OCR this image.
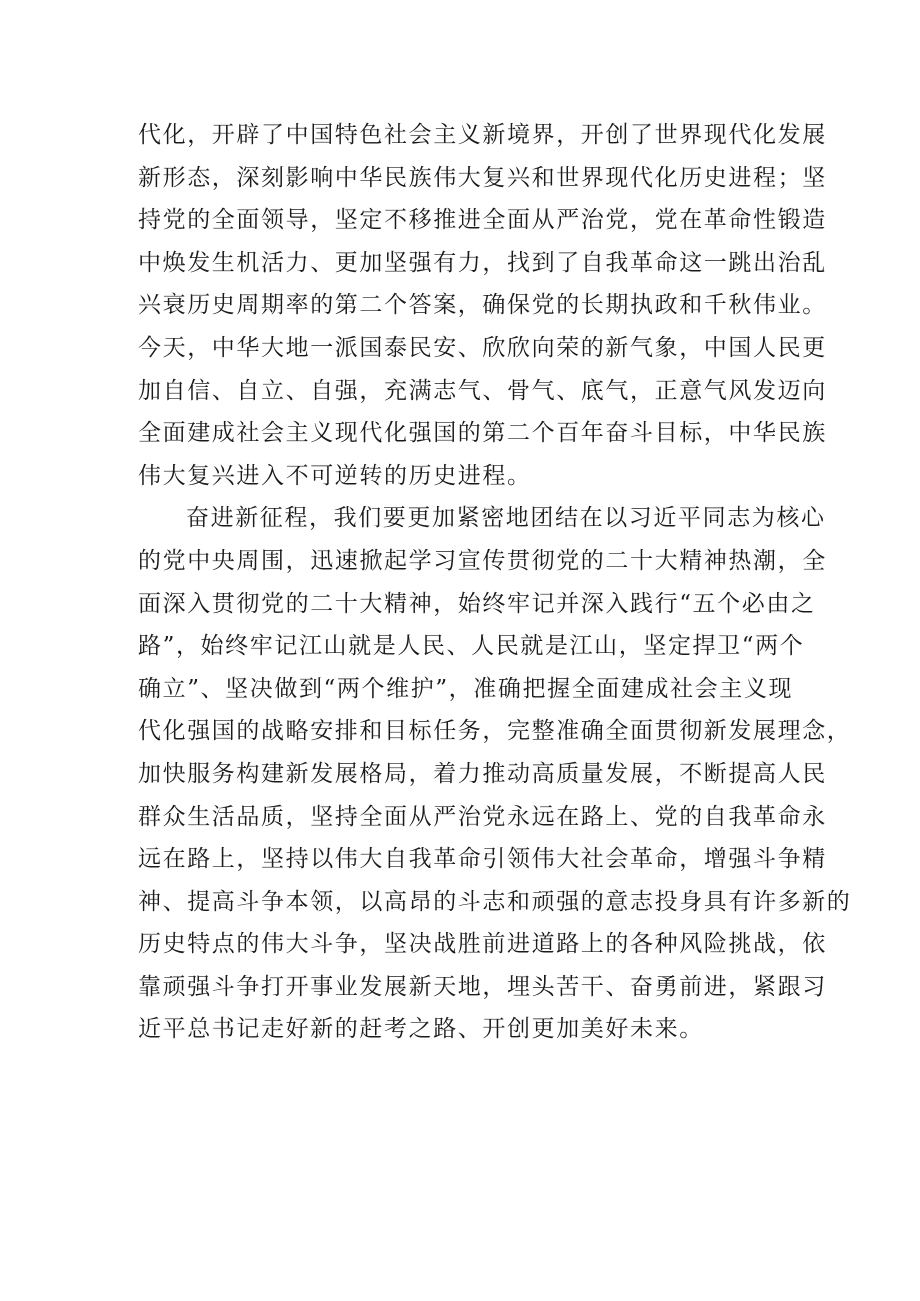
代化，开辟了中国特色社会主义新境界，开创了世界现代化发展
新形态，深刻影响中华民族伟大复兴和世界现代化历史进程；坚
持党的全面领导，坚定不移推进全面从严治党，党在革命性锻造
中焕发生机活力、更加坚强有力，找到了自我革命这一跳出治乱
兴衰历史周期率的第二个答案，确保党的长期执政和千秋伟业。
今天，中华大地一派国泰民安、欣欣向荣的新气象，中国人民更
加自信、自立、自强，充满志气、骨气、底气，正意气风发迈向
全面建成社会主义现代化强国的第二个百年奋斗目标，中华民族
伟大复兴进入不可逆转的历史进程。
奋进新征程，我们要更加紧密地团结在以习近平同志为核心
的党中央周围，迅速掀起学习宣传贯彻党的二十大精神热潮，全
面深入贯彻党的二十大精神，始终牢记并深入践行“五个必由之
路”，始终牢记江山就是人民、人民就是江山，坚定捍卫“两个
确立”、坚决做到“两个维护”，准确把握全面建成社会主义现
代化强国的战略安排和目标任务，完整准确全面贯彻新发展理念，
加快服务构建新发展格局，着力推动高质量发展，不断提高人民
群众生活品质，坚持全面从严治党永远在路上、党的自我革命永
远在路上，坚持以伟大自我革命引领伟大社会革命，增强斗争精
神、提高斗争本领，以高昂的斗志和顽强的意志投身具有许多新的
历史特点的伟大斗争，坚决战胜前进道路上的各种风险挑战，依
靠顽强斗争打开事业发展新天地，埋头苦干、奋勇前进，紧跟习
近平总书记走好新的赶考之路、开创更加美好未来。
